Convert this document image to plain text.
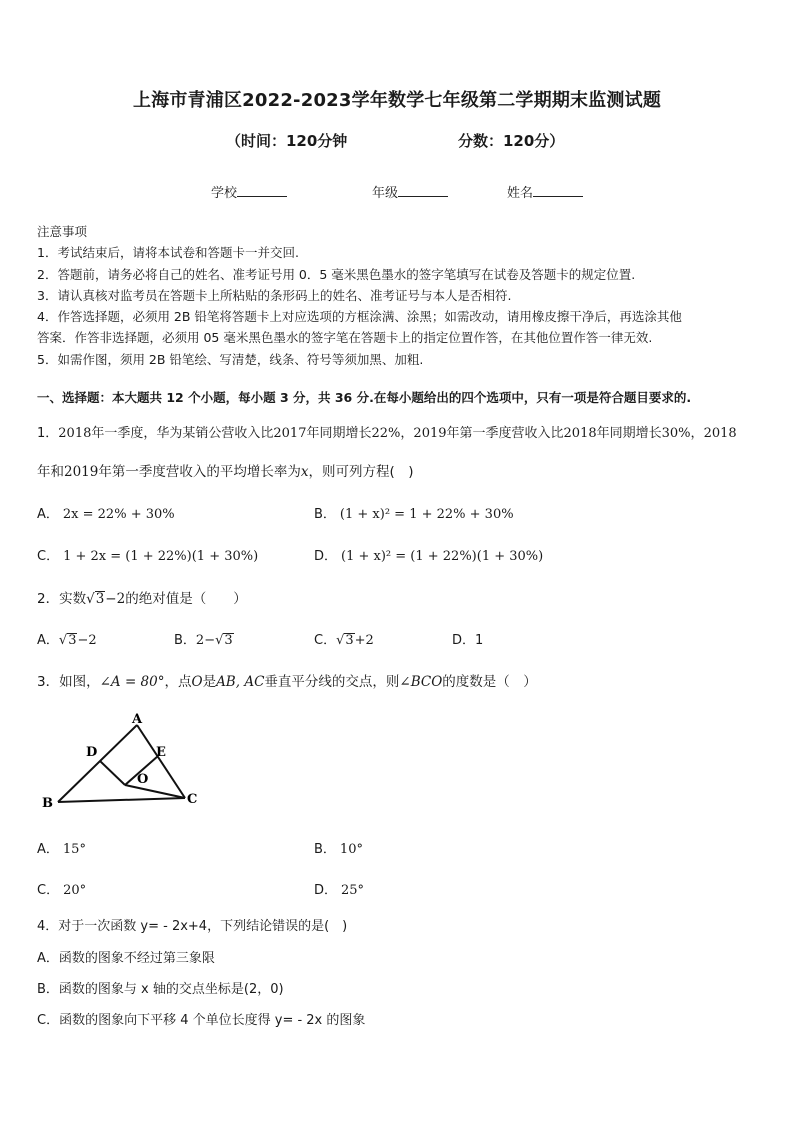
上海市青浦区2022-2023学年数学七年级第二学期期末监测试题
（时间：120分钟	分数：120分）
学校	年级	姓名
注意事项
1．考试结束后，请将本试卷和答题卡一并交回.
2．答题前，请务必将自己的姓名、准考证号用 0．5 毫米黑色墨水的签字笔填写在试卷及答题卡的规定位置.
3．请认真核对监考员在答题卡上所粘贴的条形码上的姓名、准考证号与本人是否相符.
4．作答选择题，必须用 2B 铅笔将答题卡上对应选项的方框涂满、涂黑；如需改动，请用橡皮擦干净后，再选涂其他
答案．作答非选择题，必须用 05 毫米黑色墨水的签字笔在答题卡上的指定位置作答，在其他位置作答一律无效.
5．如需作图，须用 2B 铅笔绘、写清楚，线条、符号等须加黑、加粗.
一、选择题：本大题共 12 个小题，每小题 3 分，共 36 分.在每小题给出的四个选项中，只有一项是符合题目要求的.
1．2018年一季度，华为某销公营收入比2017年同期增长22%，2019年第一季度营收入比2018年同期增长30%，2018
年和2019年第一季度营收入的平均增长率为x，则可列方程(　)
A． 2x = 22% + 30%	B． (1 + x)² = 1 + 22% + 30%
C． 1 + 2x = (1 + 22%)(1 + 30%)	D． (1 + x)² = (1 + 22%)(1 + 30%)
2．实数√3−2的绝对值是（　　）
A．√3−2	B．2−√3	C．√3+2	D．1
3．如图，∠A = 80°，点O是AB, AC垂直平分线的交点，则∠BCO的度数是（　）
A
D	E
O
B	C
A． 15°	B． 10°
C． 20°	D． 25°
4．对于一次函数 y= - 2x+4，下列结论错误的是(　)
A．函数的图象不经过第三象限
B．函数的图象与 x 轴的交点坐标是(2，0)
C．函数的图象向下平移 4 个单位长度得 y= - 2x 的图象
